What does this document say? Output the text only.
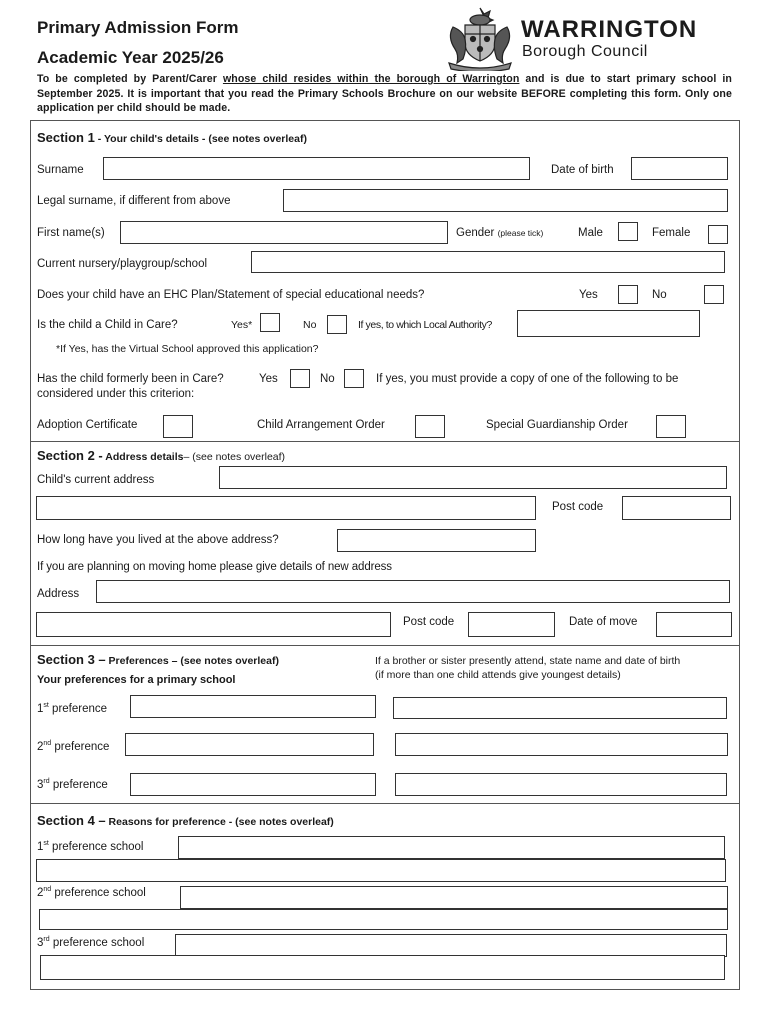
Primary Admission Form
Academic Year 2025/26
WARRINGTON
Borough Council
To be completed by Parent/Carer whose child resides within the borough of Warrington and is due to start primary school in September 2025. It is important that you read the Primary Schools Brochure on our website BEFORE completing this form. Only one application per child should be made.
Section 1 - Your child's details - (see notes overleaf)
Surname	Date of birth
Legal surname, if different from above
First name(s)	Gender (please tick)	Male	Female
Current nursery/playgroup/school
Does your child have an EHC Plan/Statement of special educational needs?	Yes	No
Is the child a Child in Care?	Yes*	No	If yes, to which Local Authority?
*If Yes, has the Virtual School approved this application?
Has the child formerly been in Care?	Yes	No	If yes, you must provide a copy of one of the following to be
considered under this criterion:
Adoption Certificate	Child Arrangement Order	Special Guardianship Order
Section 2 - Address details– (see notes overleaf)
Child's current address
Post code
How long have you lived at the above address?
If you are planning on moving home please give details of new address
Address
Post code	Date of move
Section 3 – Preferences – (see notes overleaf)
Your preferences for a primary school
If a brother or sister presently attend, state name and date of birth
(if more than one child attends give youngest details)
1st preference
2nd preference
3rd preference
Section 4 – Reasons for preference - (see notes overleaf)
1st preference school
2nd preference school
3rd preference school
